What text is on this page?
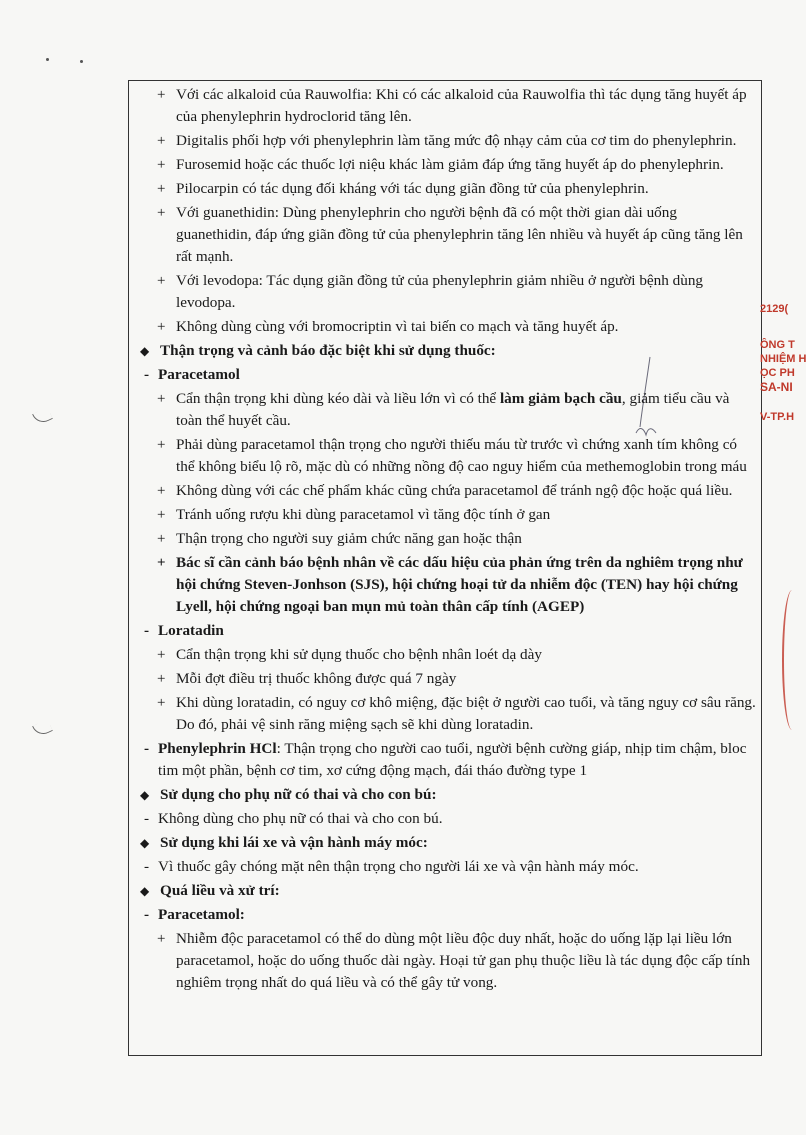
212​9(
ÔNG T
NHIỆM H
ỌC PH
SA-NI
V-TP.H
+ Với các alkaloid của Rauwolfia: Khi có các alkaloid của Rauwolfia thì tác dụng tăng huyết áp của phenylephrin hydroclorid tăng lên.
+ Digitalis phối hợp với phenylephrin làm tăng mức độ nhạy cảm của cơ tim do phenylephrin.
+ Furosemid hoặc các thuốc lợi niệu khác làm giảm đáp ứng tăng huyết áp do phenylephrin.
+ Pilocarpin có tác dụng đối kháng với tác dụng giãn đồng tử của phenylephrin.
+ Với guanethidin: Dùng phenylephrin cho người bệnh đã có một thời gian dài uống guanethidin, đáp ứng giãn đồng tử của phenylephrin tăng lên nhiều và huyết áp cũng tăng lên rất mạnh.
+ Với levodopa: Tác dụng giãn đồng tử của phenylephrin giảm nhiều ở người bệnh dùng levodopa.
+ Không dùng cùng với bromocriptin vì tai biến co mạch và tăng huyết áp.
◆ Thận trọng và cảnh báo đặc biệt khi sử dụng thuốc:
- Paracetamol
+ Cẩn thận trọng khi dùng kéo dài và liều lớn vì có thể làm giảm bạch cầu, giảm tiểu cầu và toàn thể huyết cầu.
+ Phải dùng paracetamol thận trọng cho người thiếu máu từ trước vì chứng xanh tím không có thể không biểu lộ rõ, mặc dù có những nồng độ cao nguy hiểm của methemoglobin trong máu
+ Không dùng với các chế phẩm khác cũng chứa paracetamol để tránh ngộ độc hoặc quá liều.
+ Tránh uống rượu khi dùng paracetamol vì tăng độc tính ở gan
+ Thận trọng cho người suy giảm chức năng gan hoặc thận
+ Bác sĩ cần cảnh báo bệnh nhân về các dấu hiệu của phản ứng trên da nghiêm trọng như hội chứng Steven-Jonhson (SJS), hội chứng hoại tử da nhiễm độc (TEN) hay hội chứng Lyell, hội chứng ngoại ban mụn mủ toàn thân cấp tính (AGEP)
- Loratadin
+ Cẩn thận trọng khi sử dụng thuốc cho bệnh nhân loét dạ dày
+ Mỗi đợt điều trị thuốc không được quá 7 ngày
+ Khi dùng loratadin, có nguy cơ khô miệng, đặc biệt ở người cao tuổi, và tăng nguy cơ sâu răng. Do đó, phải vệ sinh răng miệng sạch sẽ khi dùng loratadin.
- Phenylephrin HCl: Thận trọng cho người cao tuổi, người bệnh cường giáp, nhịp tim chậm, bloc tim một phần, bệnh cơ tim, xơ cứng động mạch, đái tháo đường type 1
◆ Sử dụng cho phụ nữ có thai và cho con bú:
- Không dùng cho phụ nữ có thai và cho con bú.
◆ Sử dụng khi lái xe và vận hành máy móc:
- Vì thuốc gây chóng mặt nên thận trọng cho người lái xe và vận hành máy móc.
◆ Quá liều và xử trí:
- Paracetamol:
+ Nhiễm độc paracetamol có thể do dùng một liều độc duy nhất, hoặc do uống lặp lại liều lớn paracetamol, hoặc do uống thuốc dài ngày. Hoại tử gan phụ thuộc liều là tác dụng độc cấp tính nghiêm trọng nhất do quá liều và có thể gây tử vong.
